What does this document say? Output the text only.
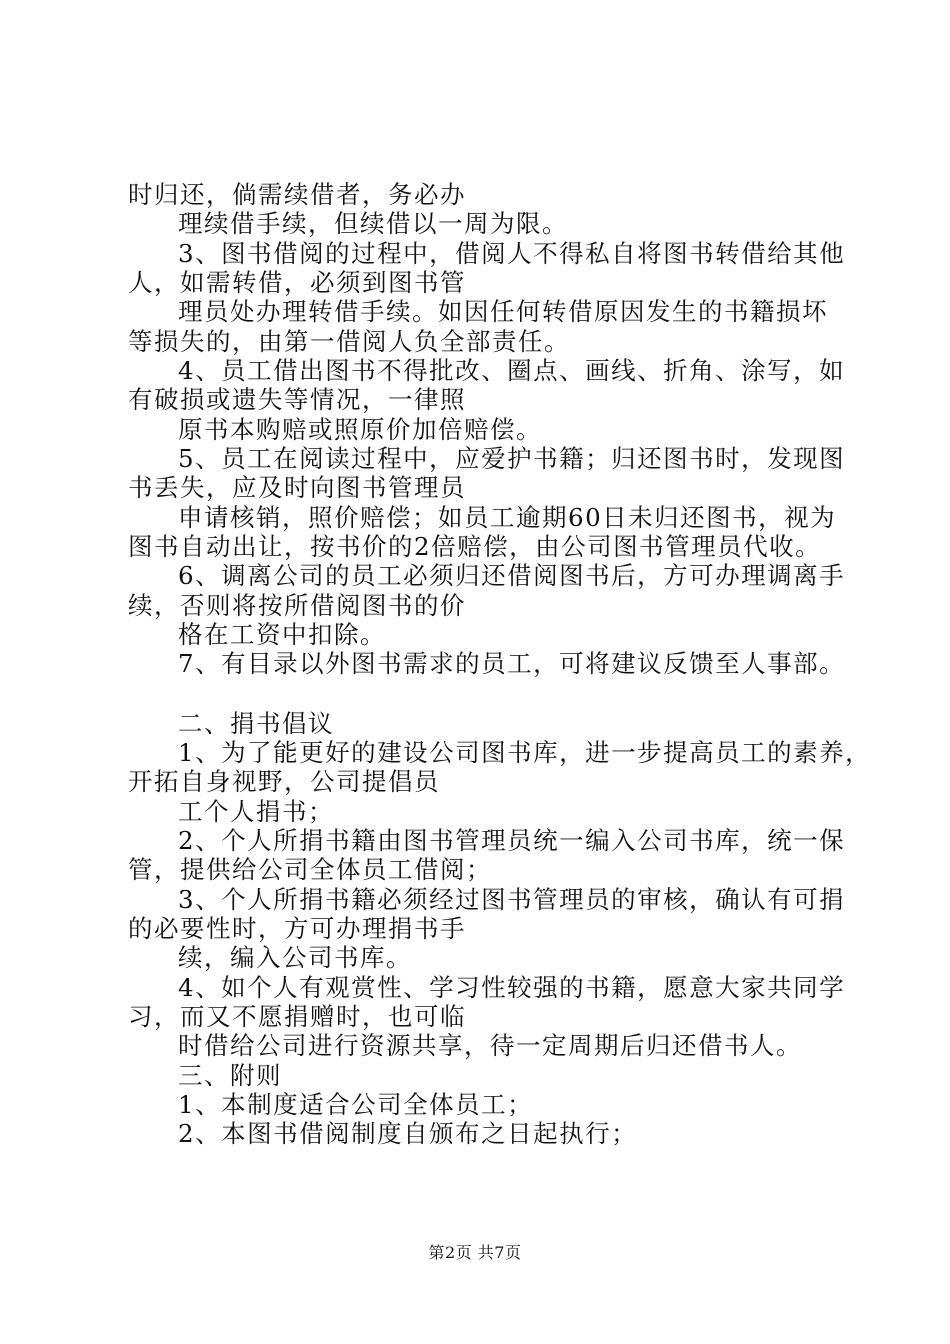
时归还，倘需续借者，务必办
理续借手续，但续借以一周为限。
3、图书借阅的过程中，借阅人不得私自将图书转借给其他
人，如需转借，必须到图书管
理员处办理转借手续。如因任何转借原因发生的书籍损坏
等损失的，由第一借阅人负全部责任。
4、员工借出图书不得批改、圈点、画线、折角、涂写，如
有破损或遗失等情况，一律照
原书本购赔或照原价加倍赔偿。
5、员工在阅读过程中，应爱护书籍；归还图书时，发现图
书丢失，应及时向图书管理员
申请核销，照价赔偿；如员工逾期60日未归还图书，视为
图书自动出让，按书价的2倍赔偿，由公司图书管理员代收。
6、调离公司的员工必须归还借阅图书后，方可办理调离手
续，否则将按所借阅图书的价
格在工资中扣除。
7、有目录以外图书需求的员工，可将建议反馈至人事部。
二、捐书倡议
1、为了能更好的建设公司图书库，进一步提高员工的素养，
开拓自身视野，公司提倡员
工个人捐书；
2、个人所捐书籍由图书管理员统一编入公司书库，统一保
管，提供给公司全体员工借阅；
3、个人所捐书籍必须经过图书管理员的审核，确认有可捐
的必要性时，方可办理捐书手
续，编入公司书库。
4、如个人有观赏性、学习性较强的书籍，愿意大家共同学
习，而又不愿捐赠时，也可临
时借给公司进行资源共享，待一定周期后归还借书人。
三、附则
1、本制度适合公司全体员工；
2、本图书借阅制度自颁布之日起执行；
第2页 共7页
